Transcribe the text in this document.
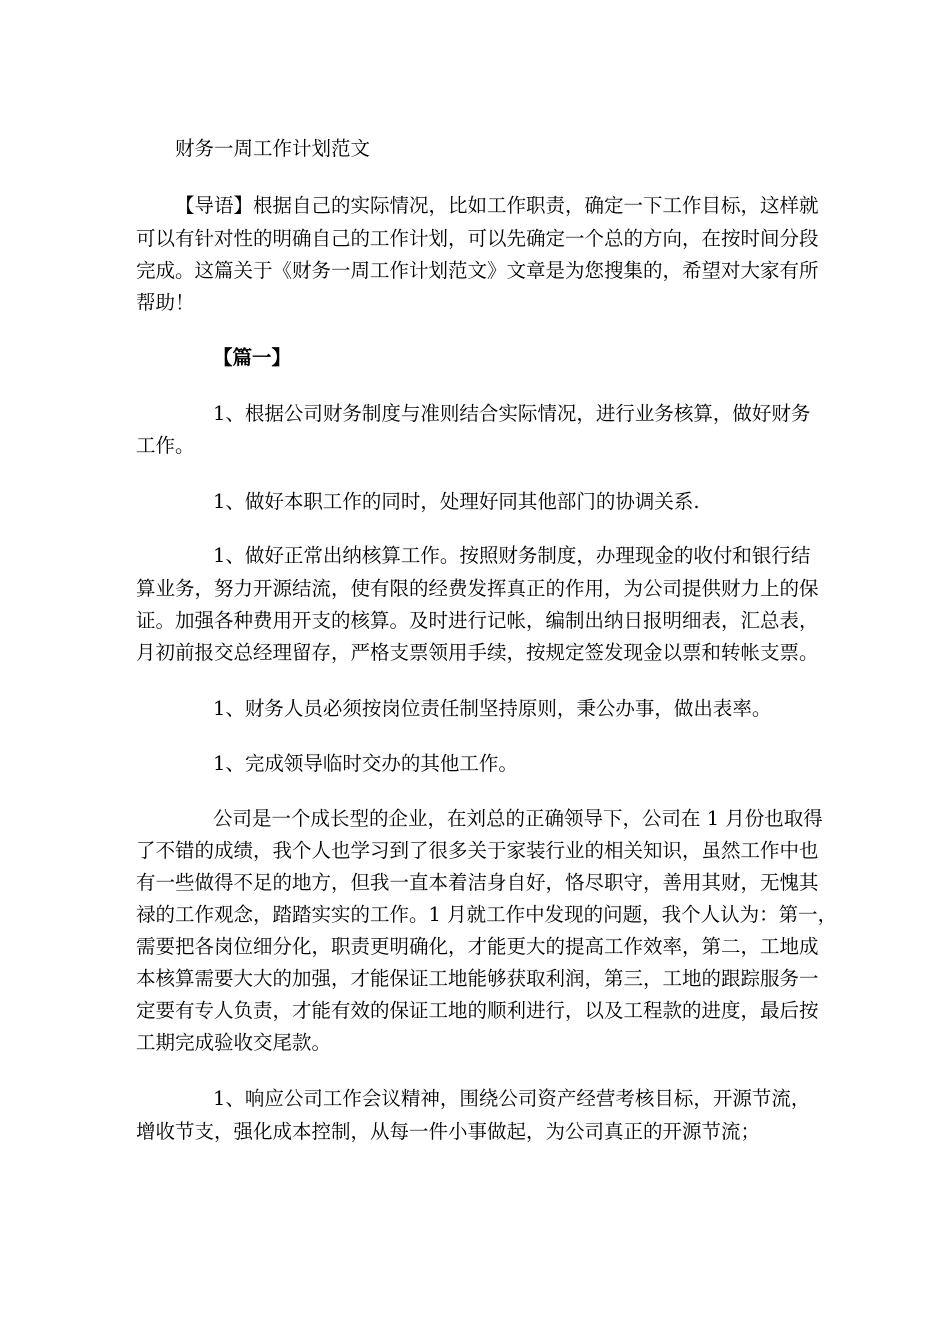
财务一周工作计划范文
【导语】根据自己的实际情况，比如工作职责，确定一下工作目标，这样就
可以有针对性的明确自己的工作计划，可以先确定一个总的方向，在按时间分段
完成。这篇关于《财务一周工作计划范文》文章是为您搜集的，希望对大家有所
帮助！
【篇一】
1、根据公司财务制度与准则结合实际情况，进行业务核算，做好财务
工作。
1、做好本职工作的同时，处理好同其他部门的协调关系.
1、做好正常出纳核算工作。按照财务制度，办理现金的收付和银行结
算业务，努力开源结流，使有限的经费发挥真正的作用，为公司提供财力上的保
证。加强各种费用开支的核算。及时进行记帐，编制出纳日报明细表，汇总表，
月初前报交总经理留存，严格支票领用手续，按规定签发现金以票和转帐支票。
1、财务人员必须按岗位责任制坚持原则，秉公办事，做出表率。
1、完成领导临时交办的其他工作。
公司是一个成长型的企业，在刘总的正确领导下，公司在 1 月份也取得
了不错的成绩，我个人也学习到了很多关于家装行业的相关知识，虽然工作中也
有一些做得不足的地方，但我一直本着洁身自好，恪尽职守，善用其财，无愧其
禄的工作观念，踏踏实实的工作。1 月就工作中发现的问题，我个人认为：第一，
需要把各岗位细分化，职责更明确化，才能更大的提高工作效率，第二，工地成
本核算需要大大的加强，才能保证工地能够获取利润，第三，工地的跟踪服务一
定要有专人负责，才能有效的保证工地的顺利进行，以及工程款的进度，最后按
工期完成验收交尾款。
1、响应公司工作会议精神，围绕公司资产经营考核目标，开源节流，
增收节支，强化成本控制，从每一件小事做起，为公司真正的开源节流；
